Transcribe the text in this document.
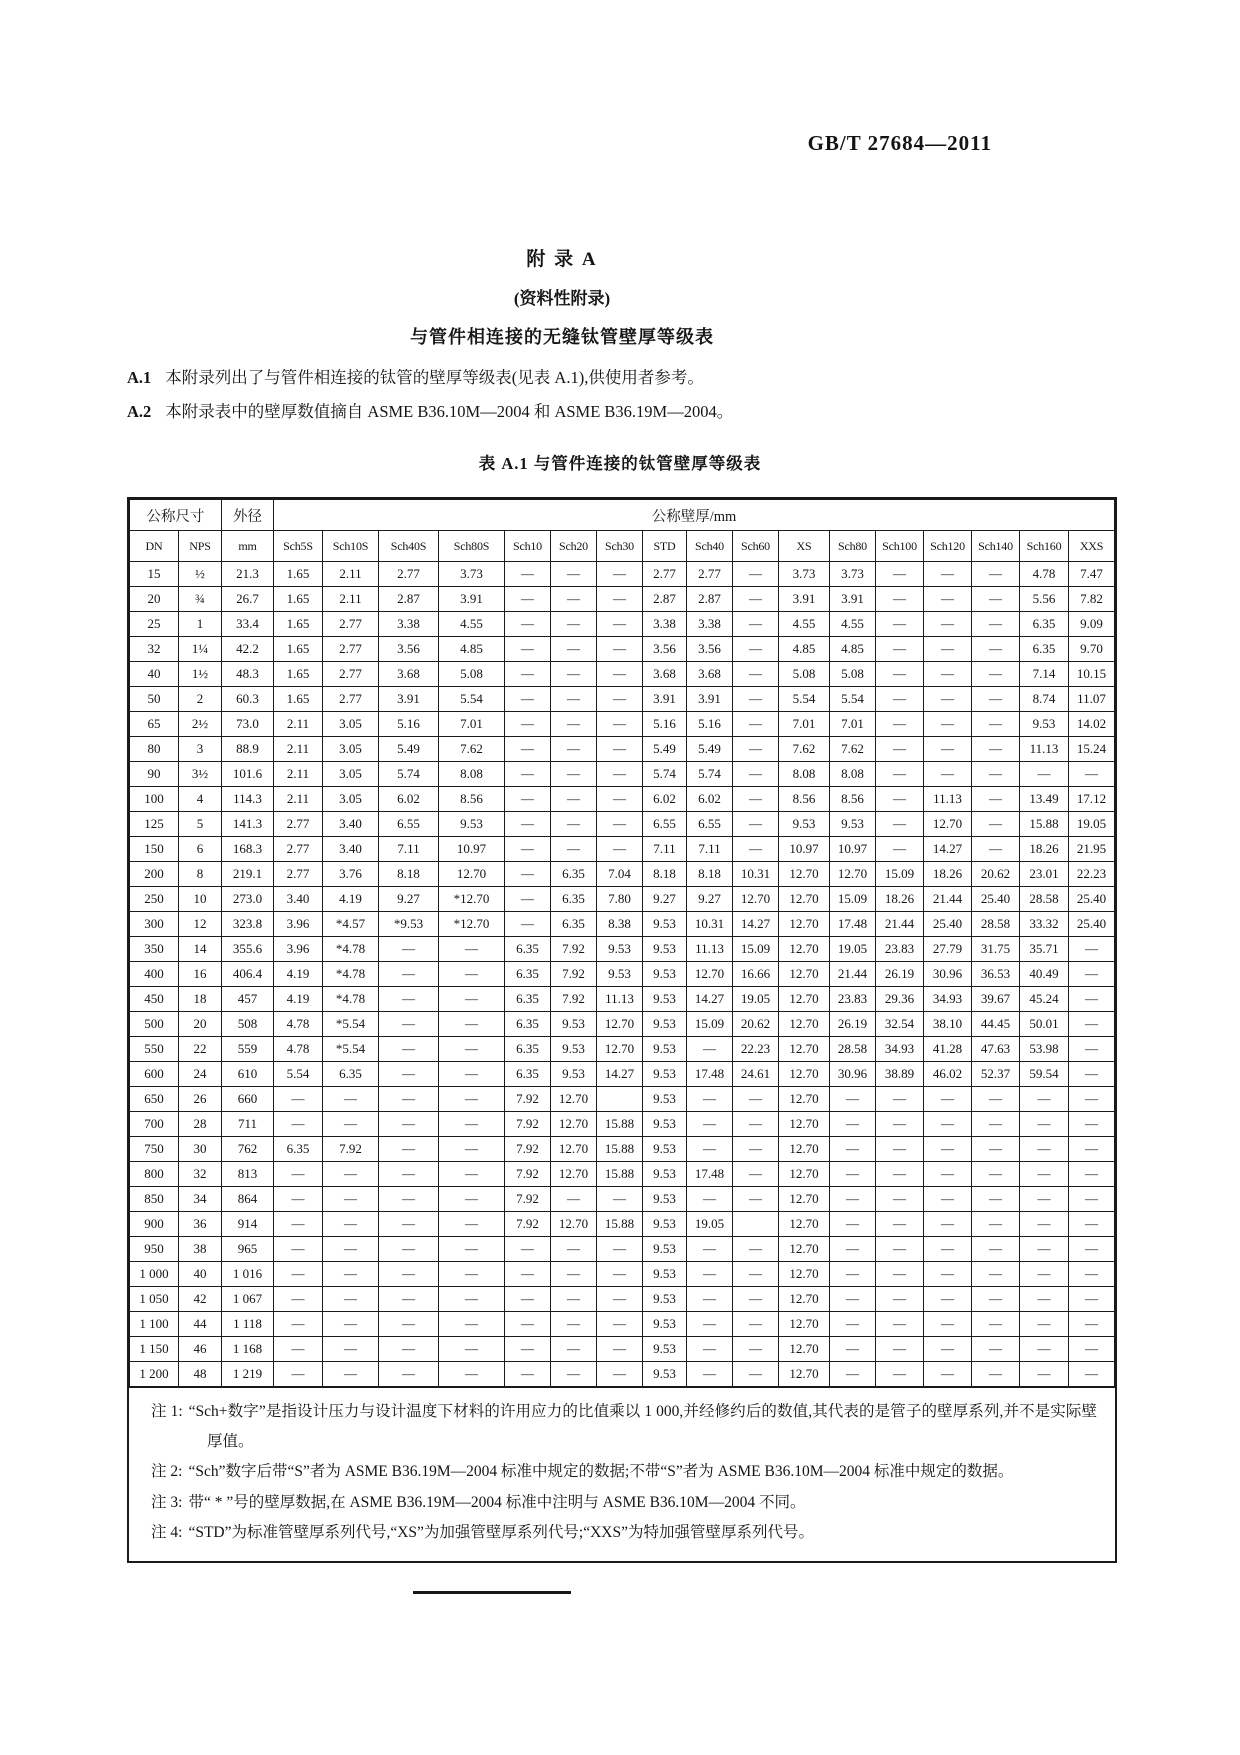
GB/T 27684—2011
附 录 A
(资料性附录)
与管件相连接的无缝钛管壁厚等级表
A.1 本附录列出了与管件相连接的钛管的壁厚等级表(见表 A.1),供使用者参考。
A.2 本附录表中的壁厚数值摘自 ASME B36.10M—2004 和 ASME B36.19M—2004。
表 A.1 与管件连接的钛管壁厚等级表
公称尺寸		外径	公称壁厚/mm																
DN	NPS	mm	Sch5S	Sch10S	Sch40S	Sch80S	Sch10	Sch20	Sch30	STD	Sch40	Sch60	XS	Sch80	Sch100	Sch120	Sch140	Sch160	XXS
15	½	21.3	1.65	2.11	2.77	3.73	—	—	—	2.77	2.77	—	3.73	3.73	—	—	—	4.78	7.47
20	¾	26.7	1.65	2.11	2.87	3.91	—	—	—	2.87	2.87	—	3.91	3.91	—	—	—	5.56	7.82
25	1	33.4	1.65	2.77	3.38	4.55	—	—	—	3.38	3.38	—	4.55	4.55	—	—	—	6.35	9.09
32	1¼	42.2	1.65	2.77	3.56	4.85	—	—	—	3.56	3.56	—	4.85	4.85	—	—	—	6.35	9.70
40	1½	48.3	1.65	2.77	3.68	5.08	—	—	—	3.68	3.68	—	5.08	5.08	—	—	—	7.14	10.15
50	2	60.3	1.65	2.77	3.91	5.54	—	—	—	3.91	3.91	—	5.54	5.54	—	—	—	8.74	11.07
65	2½	73.0	2.11	3.05	5.16	7.01	—	—	—	5.16	5.16	—	7.01	7.01	—	—	—	9.53	14.02
80	3	88.9	2.11	3.05	5.49	7.62	—	—	—	5.49	5.49	—	7.62	7.62	—	—	—	11.13	15.24
90	3½	101.6	2.11	3.05	5.74	8.08	—	—	—	5.74	5.74	—	8.08	8.08	—	—	—	—	—
100	4	114.3	2.11	3.05	6.02	8.56	—	—	—	6.02	6.02	—	8.56	8.56	—	11.13	—	13.49	17.12
125	5	141.3	2.77	3.40	6.55	9.53	—	—	—	6.55	6.55	—	9.53	9.53	—	12.70	—	15.88	19.05
150	6	168.3	2.77	3.40	7.11	10.97	—	—	—	7.11	7.11	—	10.97	10.97	—	14.27	—	18.26	21.95
200	8	219.1	2.77	3.76	8.18	12.70	—	6.35	7.04	8.18	8.18	10.31	12.70	12.70	15.09	18.26	20.62	23.01	22.23
250	10	273.0	3.40	4.19	9.27	*12.70	—	6.35	7.80	9.27	9.27	12.70	12.70	15.09	18.26	21.44	25.40	28.58	25.40
300	12	323.8	3.96	*4.57	*9.53	*12.70	—	6.35	8.38	9.53	10.31	14.27	12.70	17.48	21.44	25.40	28.58	33.32	25.40
350	14	355.6	3.96	*4.78	—	—	6.35	7.92	9.53	9.53	11.13	15.09	12.70	19.05	23.83	27.79	31.75	35.71	—
400	16	406.4	4.19	*4.78	—	—	6.35	7.92	9.53	9.53	12.70	16.66	12.70	21.44	26.19	30.96	36.53	40.49	—
450	18	457	4.19	*4.78	—	—	6.35	7.92	11.13	9.53	14.27	19.05	12.70	23.83	29.36	34.93	39.67	45.24	—
500	20	508	4.78	*5.54	—	—	6.35	9.53	12.70	9.53	15.09	20.62	12.70	26.19	32.54	38.10	44.45	50.01	—
550	22	559	4.78	*5.54	—	—	6.35	9.53	12.70	9.53	—	22.23	12.70	28.58	34.93	41.28	47.63	53.98	—
600	24	610	5.54	6.35	—	—	6.35	9.53	14.27	9.53	17.48	24.61	12.70	30.96	38.89	46.02	52.37	59.54	—
650	26	660	—	—	—	—	7.92	12.70		9.53	—	—	12.70	—	—	—	—	—	—
700	28	711	—	—	—	—	7.92	12.70	15.88	9.53	—	—	12.70	—	—	—	—	—	—
750	30	762	6.35	7.92	—	—	7.92	12.70	15.88	9.53	—	—	12.70	—	—	—	—	—	—
800	32	813	—	—	—	—	7.92	12.70	15.88	9.53	17.48	—	12.70	—	—	—	—	—	—
850	34	864	—	—	—	—	7.92	—	—	9.53	—	—	12.70	—	—	—	—	—	—
900	36	914	—	—	—	—	7.92	12.70	15.88	9.53	19.05		12.70	—	—	—	—	—	—
950	38	965	—	—	—	—	—	—	—	9.53	—	—	12.70	—	—	—	—	—	—
1 000	40	1 016	—	—	—	—	—	—	—	9.53	—	—	12.70	—	—	—	—	—	—
1 050	42	1 067	—	—	—	—	—	—	—	9.53	—	—	12.70	—	—	—	—	—	—
1 100	44	1 118	—	—	—	—	—	—	—	9.53	—	—	12.70	—	—	—	—	—	—
1 150	46	1 168	—	—	—	—	—	—	—	9.53	—	—	12.70	—	—	—	—	—	—
1 200	48	1 219	—	—	—	—	—	—	—	9.53	—	—	12.70	—	—	—	—	—	—
注 1: “Sch+数字”是指设计压力与设计温度下材料的许用应力的比值乘以 1 000,并经修约后的数值,其代表的是管子的壁厚系列,并不是实际壁厚值。
注 2: “Sch”数字后带“S”者为 ASME B36.19M—2004 标准中规定的数据;不带“S”者为 ASME B36.10M—2004 标准中规定的数据。
注 3: 带“ * ”号的壁厚数据,在 ASME B36.19M—2004 标准中注明与 ASME B36.10M—2004 不同。
注 4: “STD”为标准管壁厚系列代号,“XS”为加强管壁厚系列代号;“XXS”为特加强管壁厚系列代号。
